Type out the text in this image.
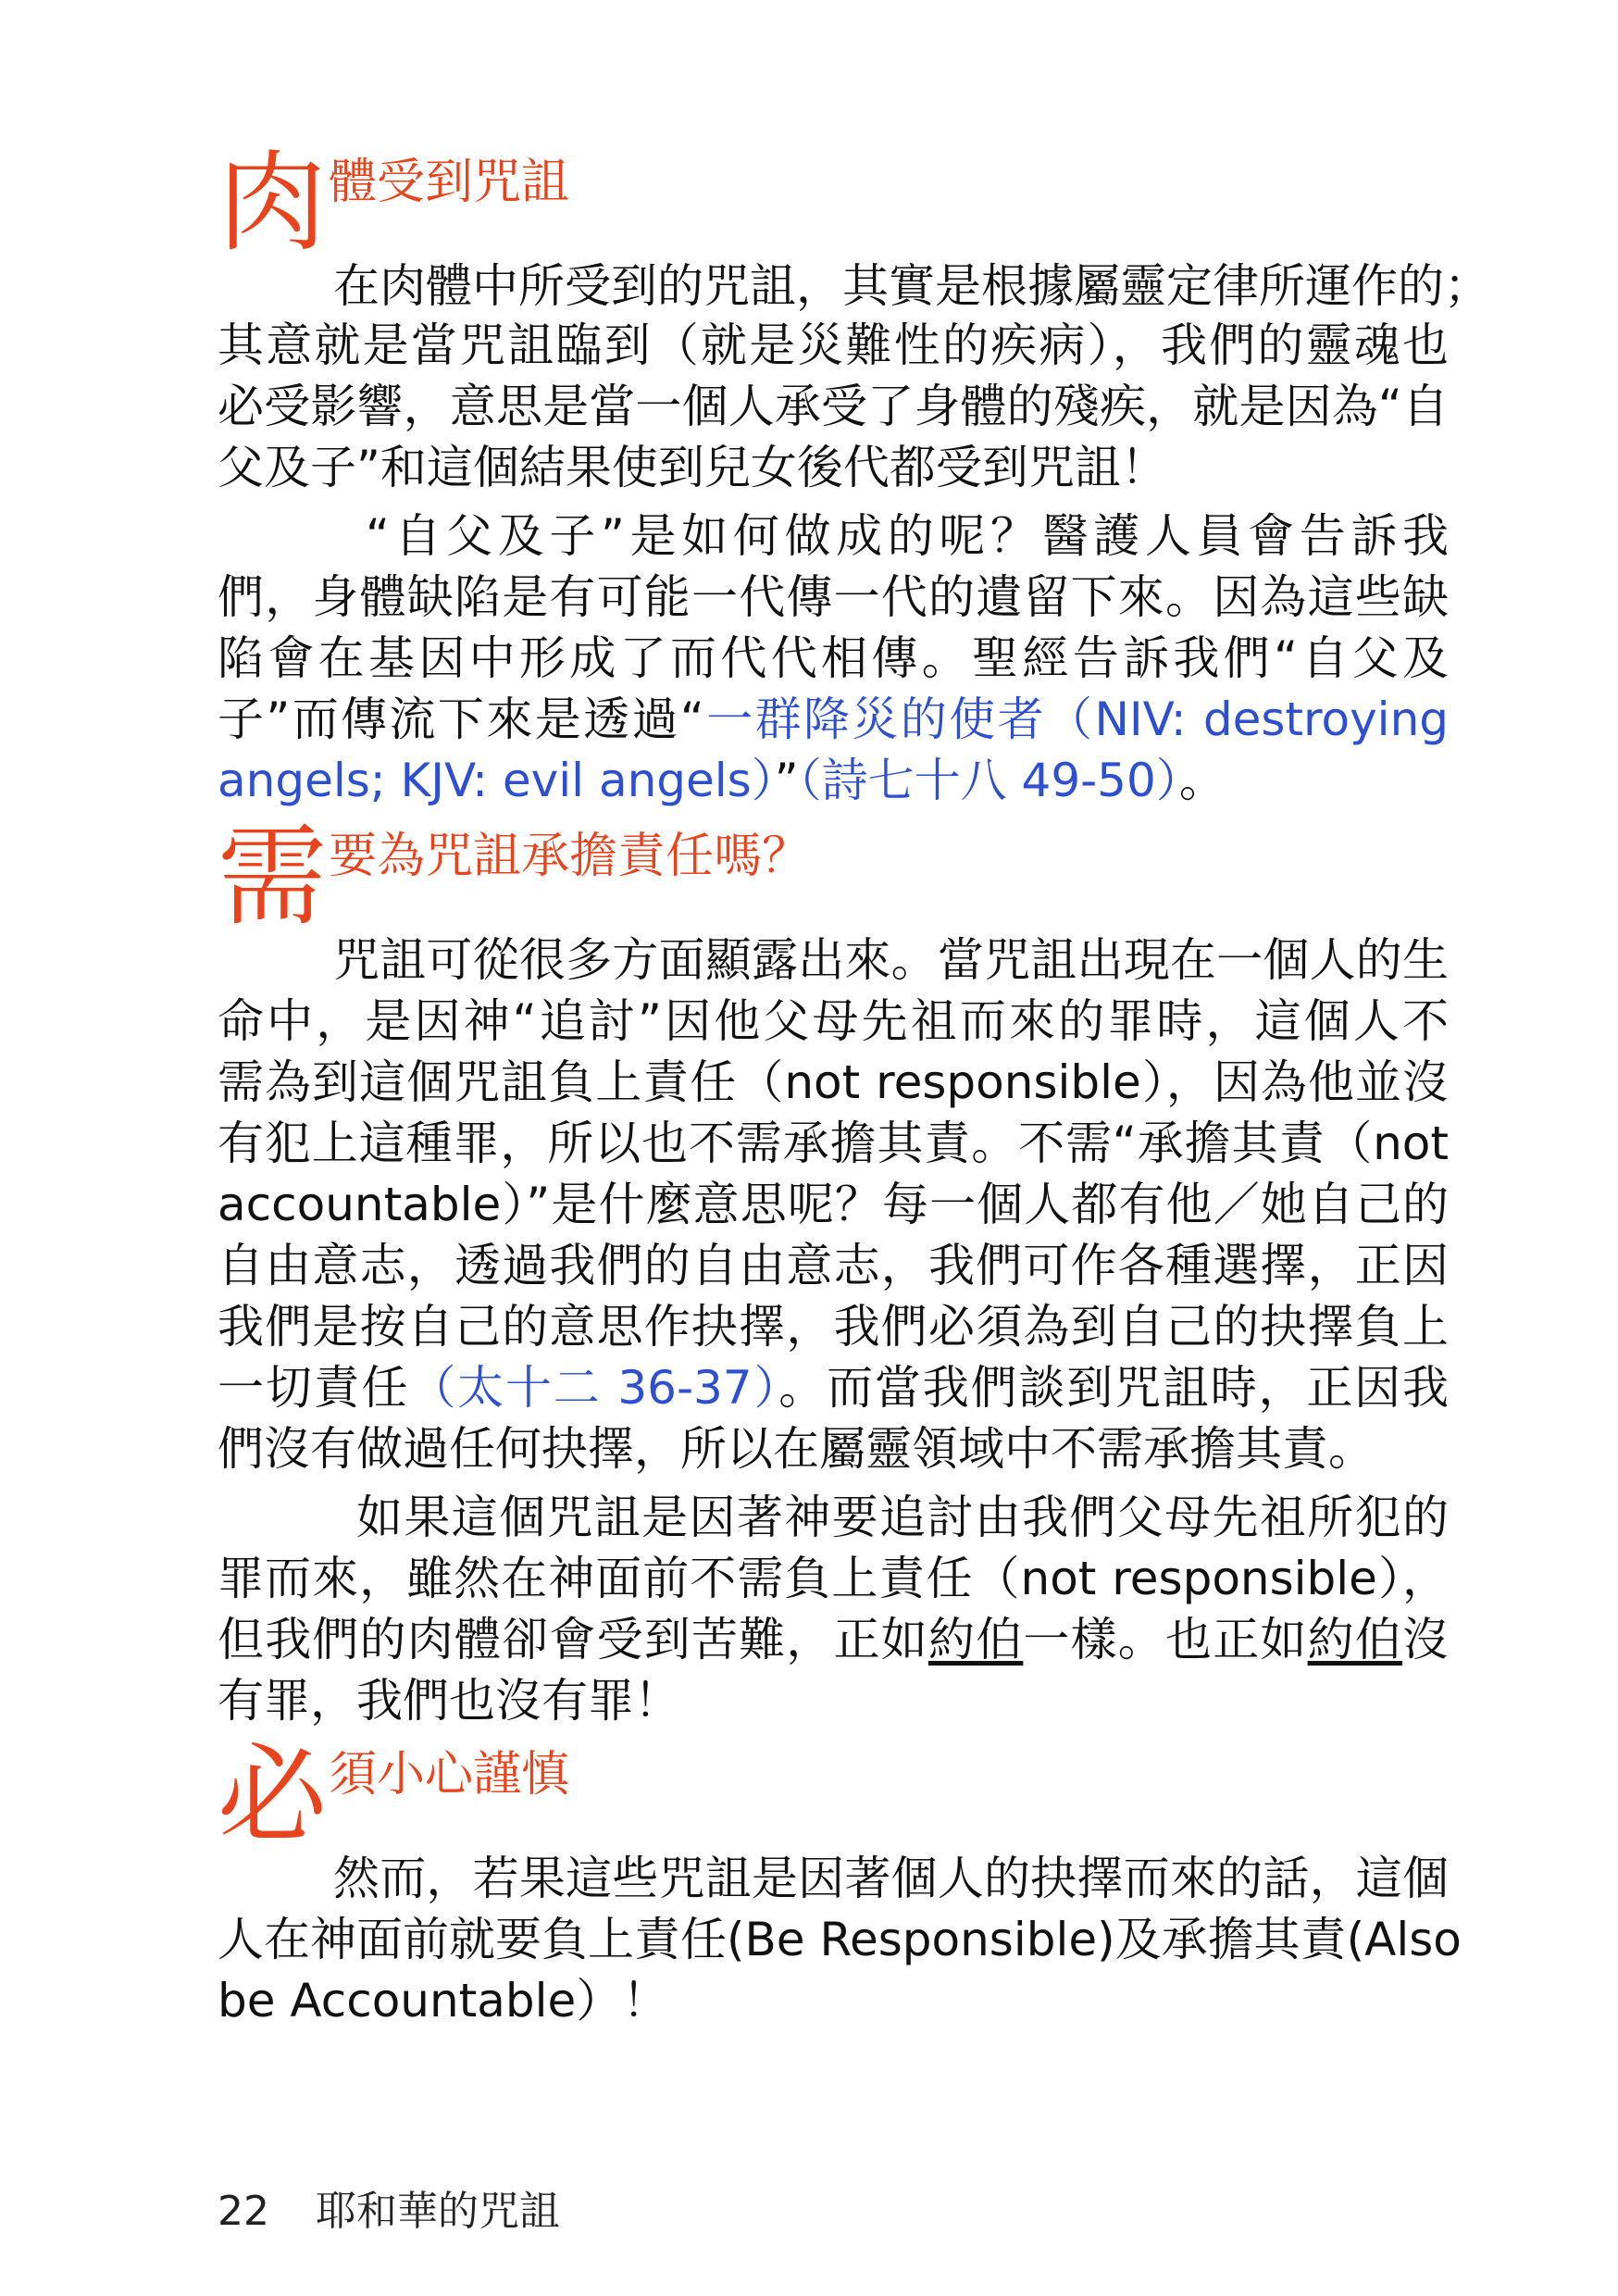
肉 體受到咒詛
在肉體中所受到的咒詛，其實是根據屬靈定律所運作的；
其意就是當咒詛臨到（就是災難性的疾病），我們的靈魂也
必受影響，意思是當一個人承受了身體的殘疾，就是因為“自
父及子”和這個結果使到兒女後代都受到咒詛！
“自父及子”是如何做成的呢？醫護人員會告訴我
們，身體缺陷是有可能一代傳一代的遺留下來。因為這些缺
陷會在基因中形成了而代代相傳。聖經告訴我們“自父及
子”而傳流下來是透過“一群降災的使者（NIV: destroying
angels; KJV: evil angels）”（詩七十八 49-50）。
需 要為咒詛承擔責任嗎？
咒詛可從很多方面顯露出來。當咒詛出現在一個人的生
命中，是因神“追討”因他父母先祖而來的罪時，這個人不
需為到這個咒詛負上責任（not responsible），因為他並沒
有犯上這種罪，所以也不需承擔其責。不需“承擔其責（not
accountable）”是什麼意思呢？每一個人都有他／她自己的
自由意志，透過我們的自由意志，我們可作各種選擇，正因
我們是按自己的意思作抉擇，我們必須為到自己的抉擇負上
一切責任（太十二 36-37）。而當我們談到咒詛時，正因我
們沒有做過任何抉擇，所以在屬靈領域中不需承擔其責。
如果這個咒詛是因著神要追討由我們父母先祖所犯的
罪而來，雖然在神面前不需負上責任（not responsible），
但我們的肉體卻會受到苦難，正如約伯一樣。也正如約伯沒
有罪，我們也沒有罪！
必 須小心謹慎
然而，若果這些咒詛是因著個人的抉擇而來的話，這個
人在神面前就要負上責任(Be Responsible)及承擔其責(Also
be Accountable）！
22 耶和華的咒詛
